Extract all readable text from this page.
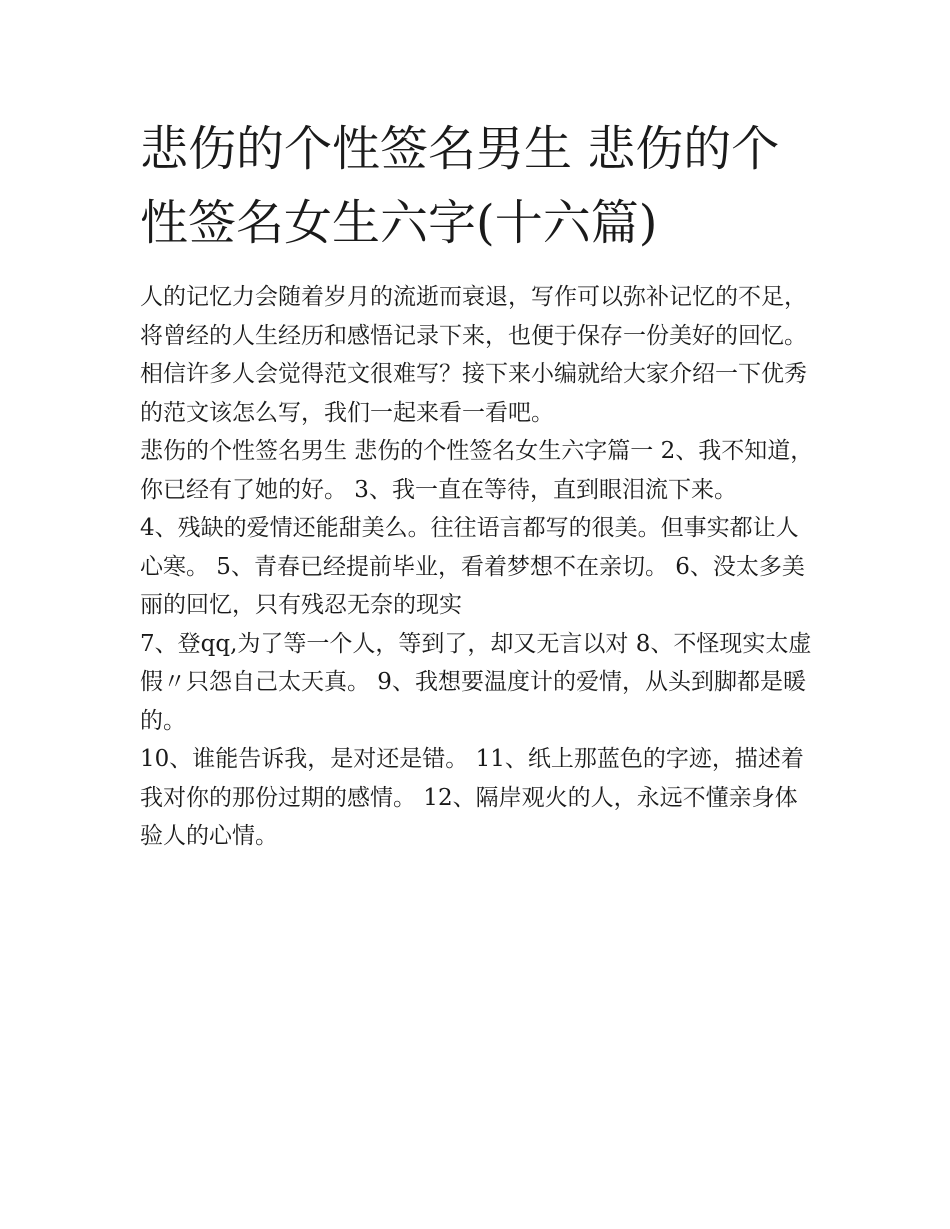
悲伤的个性签名男生 悲伤的个性签名女生六字(十六篇)

人的记忆力会随着岁月的流逝而衰退，写作可以弥补记忆的不足，将曾经的人生经历和感悟记录下来，也便于保存一份美好的回忆。相信许多人会觉得范文很难写？接下来小编就给大家介绍一下优秀的范文该怎么写，我们一起来看一看吧。

悲伤的个性签名男生 悲伤的个性签名女生六字篇一 2、我不知道，你已经有了她的好。 3、我一直在等待，直到眼泪流下来。

4、残缺的爱情还能甜美么。往往语言都写的很美。但事实都让人心寒。 5、青春已经提前毕业，看着梦想不在亲切。 6、没太多美丽的回忆，只有残忍无奈的现实

7、登qq,为了等一个人，等到了，却又无言以对 8、不怪现实太虚假〃只怨自己太天真。 9、我想要温度计的爱情，从头到脚都是暖的。

10、谁能告诉我，是对还是错。 11、纸上那蓝色的字迹，描述着我对你的那份过期的感情。 12、隔岸观火的人，永远不懂亲身体验人的心情。
